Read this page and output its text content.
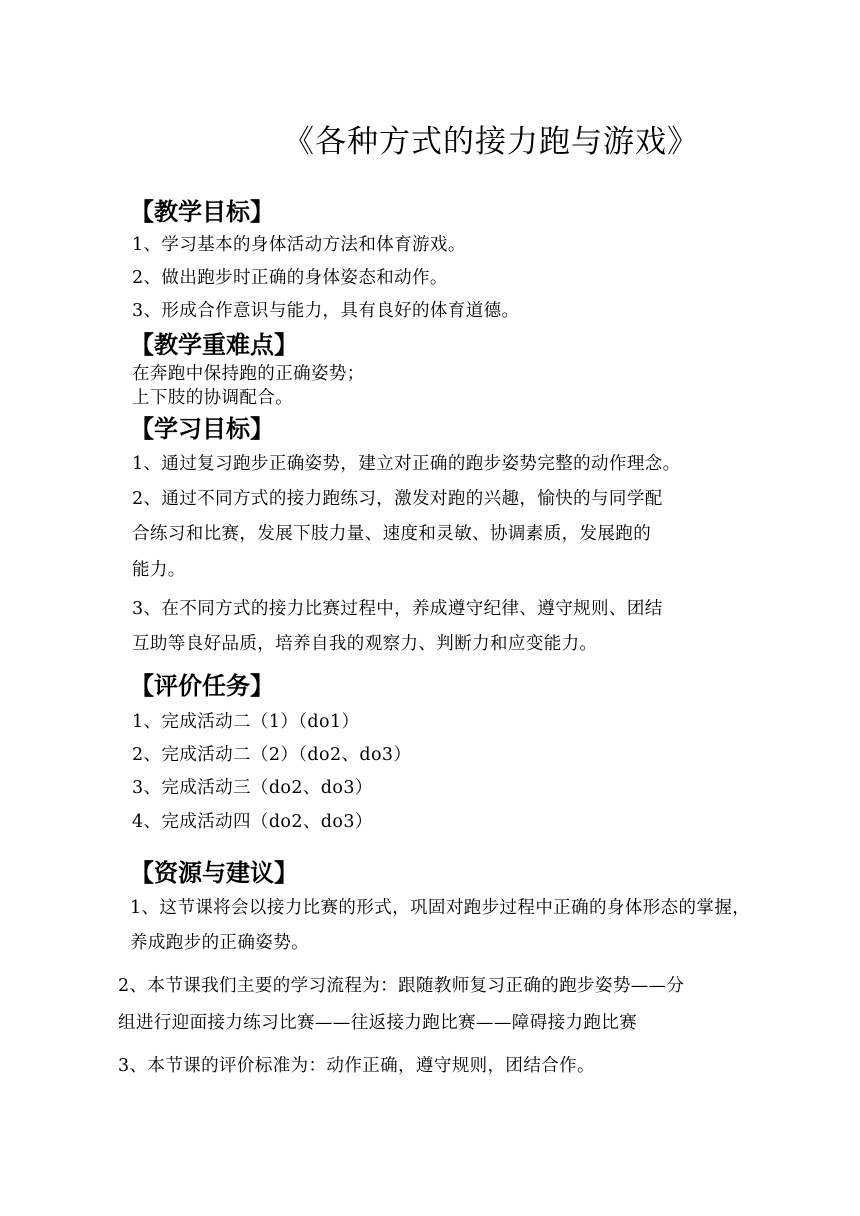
《各种方式的接力跑与游戏》
【教学目标】
1、学习基本的身体活动方法和体育游戏。
2、做出跑步时正确的身体姿态和动作。
3、形成合作意识与能力，具有良好的体育道德。
【教学重难点】
在奔跑中保持跑的正确姿势；
上下肢的协调配合。
【学习目标】
1、通过复习跑步正确姿势，建立对正确的跑步姿势完整的动作理念。
2、通过不同方式的接力跑练习，激发对跑的兴趣，愉快的与同学配
合练习和比赛，发展下肢力量、速度和灵敏、协调素质，发展跑的
能力。
3、在不同方式的接力比赛过程中，养成遵守纪律、遵守规则、团结
互助等良好品质，培养自我的观察力、判断力和应变能力。
【评价任务】
1、完成活动二（1）（do1）
2、完成活动二（2）（do2、do3）
3、完成活动三（do2、do3）
4、完成活动四（do2、do3）
【资源与建议】
1、这节课将会以接力比赛的形式，巩固对跑步过程中正确的身体形态的掌握，
养成跑步的正确姿势。
2、本节课我们主要的学习流程为：跟随教师复习正确的跑步姿势——分
组进行迎面接力练习比赛——往返接力跑比赛——障碍接力跑比赛
3、本节课的评价标准为：动作正确，遵守规则，团结合作。
